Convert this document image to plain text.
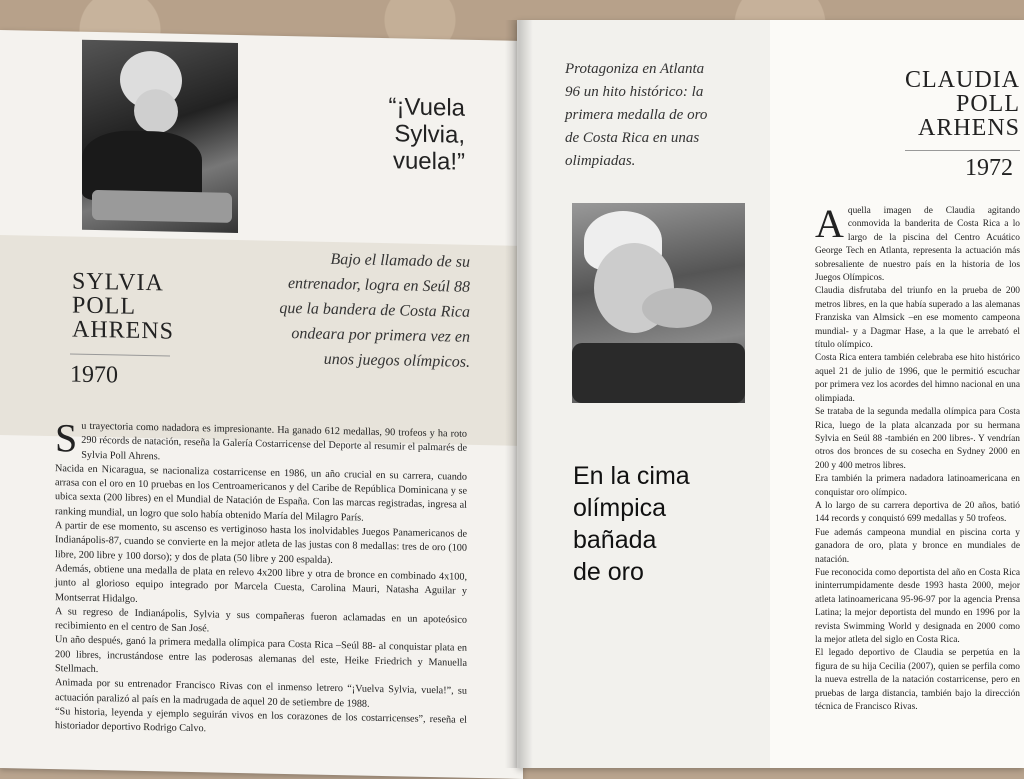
“¡Vuela
Sylvia,
vuela!”
SYLVIA
POLL
AHRENS
1970
Bajo el llamado de su
entrenador, logra en Seúl 88
que la bandera de Costa Rica
ondeara por primera vez en
unos juegos olímpicos.
S u trayectoria como nadadora es impresionante. Ha ganado 612 medallas, 90 trofeos y ha roto 290 récords de natación, reseña la Galería Costarricense del Deporte al resumir el palmarés de Sylvia Poll Ahrens.

Nacida en Nicaragua, se nacionaliza costarricense en 1986, un año crucial en su carrera, cuando arrasa con el oro en 10 pruebas en los Centroamericanos y del Caribe de República Dominicana y se ubica sexta (200 libres) en el Mundial de Natación de España. Con las marcas registradas, ingresa al ranking mundial, un logro que solo había obtenido María del Milagro París.

A partir de ese momento, su ascenso es vertiginoso hasta los inolvidables Juegos Panamericanos de Indianápolis-87, cuando se convierte en la mejor atleta de las justas con 8 medallas: tres de oro (100 libre, 200 libre y 100 dorso); y dos de plata (50 libre y 200 espalda).

Además, obtiene una medalla de plata en relevo 4x200 libre y otra de bronce en combinado 4x100, junto al glorioso equipo integrado por Marcela Cuesta, Carolina Mauri, Natasha Aguilar y Montserrat Hidalgo.

A su regreso de Indianápolis, Sylvia y sus compañeras fueron aclamadas en un apoteósico recibimiento en el centro de San José.

Un año después, ganó la primera medalla olímpica para Costa Rica –Seúl 88- al conquistar plata en 200 libres, incrustándose entre las poderosas alemanas del este, Heike Friedrich y Manuella Stellmach.

Animada por su entrenador Francisco Rivas con el inmenso letrero “¡Vuelva Sylvia, vuela!”, su actuación paralizó al país en la madrugada de aquel 20 de setiembre de 1988.

“Su historia, leyenda y ejemplo seguirán vivos en los corazones de los costarricenses”, reseña el historiador deportivo Rodrigo Calvo.

Protagoniza en Atlanta
96 un hito histórico: la
primera medalla de oro
de Costa Rica en unas
olimpiadas.
En la cima
olímpica
bañada
de oro
CLAUDIA
POLL
ARHENS
1972
A quella imagen de Claudia agitando conmovida la banderita de Costa Rica a lo largo de la piscina del Centro Acuático George Tech en Atlanta, representa la actuación más sobresaliente de nuestro país en la historia de los Juegos Olímpicos.

Claudia disfrutaba del triunfo en la prueba de 200 metros libres, en la que había superado a las alemanas Franziska van Almsick –en ese momento campeona mundial- y a Dagmar Hase, a la que le arrebató el título olímpico.

Costa Rica entera también celebraba ese hito histórico aquel 21 de julio de 1996, que le permitió escuchar por primera vez los acordes del himno nacional en una olimpiada.

Se trataba de la segunda medalla olímpica para Costa Rica, luego de la plata alcanzada por su hermana Sylvia en Seúl 88 -también en 200 libres-. Y vendrían otros dos bronces de su cosecha en Sydney 2000 en 200 y 400 metros libres.

Era también la primera nadadora latinoamericana en conquistar oro olímpico.

A lo largo de su carrera deportiva de 20 años, batió 144 records y conquistó 699 medallas y 50 trofeos.

Fue además campeona mundial en piscina corta y ganadora de oro, plata y bronce en mundiales de natación.

Fue reconocida como deportista del año en Costa Rica ininterrumpidamente desde 1993 hasta 2000, mejor atleta latinoamericana 95-96-97 por la agencia Prensa Latina; la mejor deportista del mundo en 1996 por la revista Swimming World y designada en 2000 como la mejor atleta del siglo en Costa Rica.

El legado deportivo de Claudia se perpetúa en la figura de su hija Cecilia (2007), quien se perfila como la nueva estrella de la natación costarricense, pero en pruebas de larga distancia, también bajo la dirección técnica de Francisco Rivas.
